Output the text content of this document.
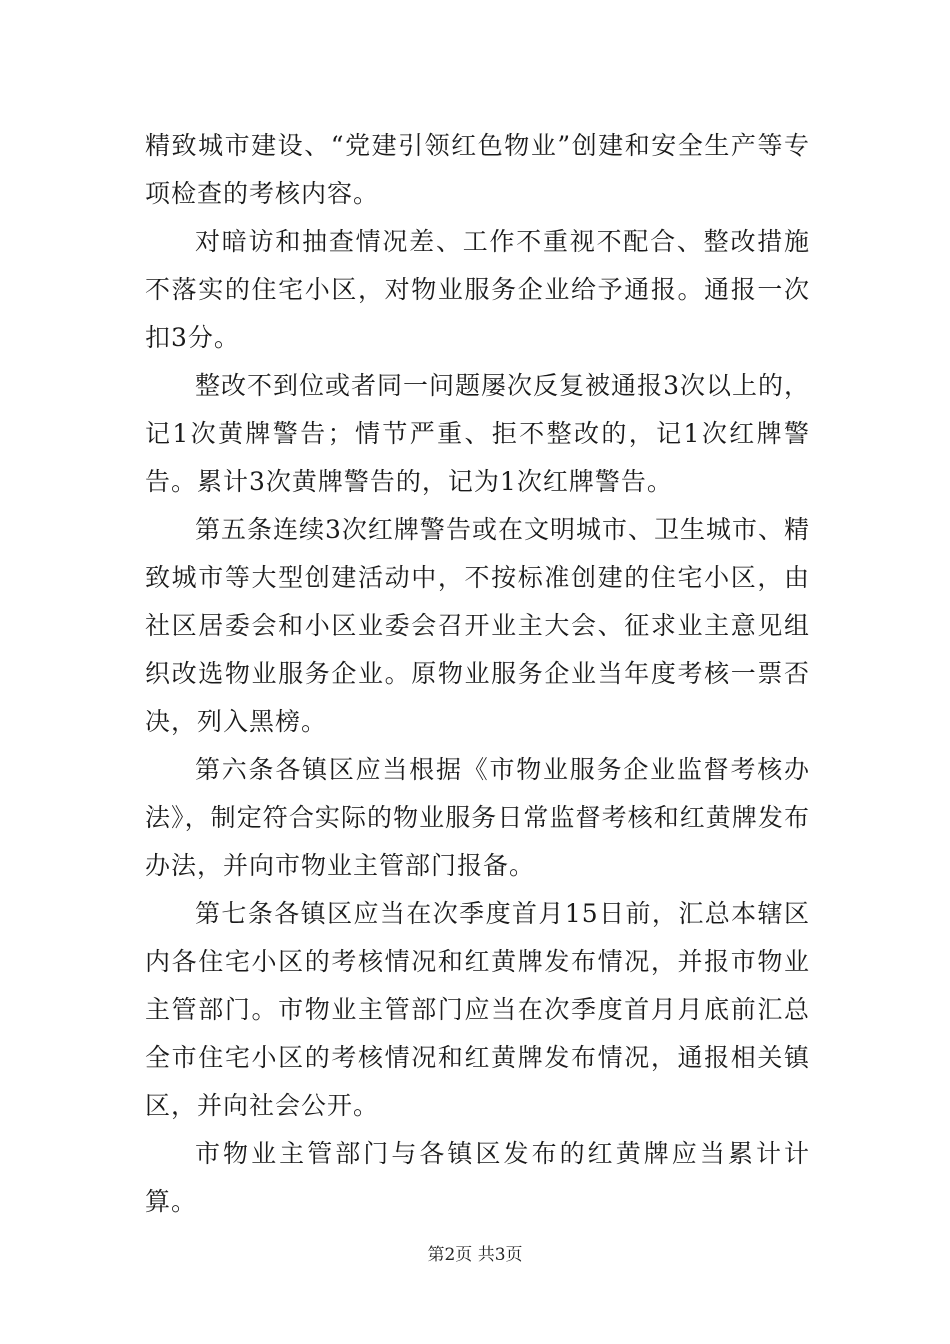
精致城市建设、“党建引领红色物业”创建和安全生产等专项检查的考核内容。

对暗访和抽查情况差、工作不重视不配合、整改措施不落实的住宅小区，对物业服务企业给予通报。通报一次扣3分。

整改不到位或者同一问题屡次反复被通报3次以上的，记1次黄牌警告；情节严重、拒不整改的，记1次红牌警告。累计3次黄牌警告的，记为1次红牌警告。

第五条连续3次红牌警告或在文明城市、卫生城市、精致城市等大型创建活动中，不按标准创建的住宅小区，由社区居委会和小区业委会召开业主大会、征求业主意见组织改选物业服务企业。原物业服务企业当年度考核一票否决，列入黑榜。

第六条各镇区应当根据《市物业服务企业监督考核办法》，制定符合实际的物业服务日常监督考核和红黄牌发布办法，并向市物业主管部门报备。

第七条各镇区应当在次季度首月15日前，汇总本辖区内各住宅小区的考核情况和红黄牌发布情况，并报市物业主管部门。市物业主管部门应当在次季度首月月底前汇总全市住宅小区的考核情况和红黄牌发布情况，通报相关镇区，并向社会公开。

市物业主管部门与各镇区发布的红黄牌应当累计计算。

第2页 共3页
